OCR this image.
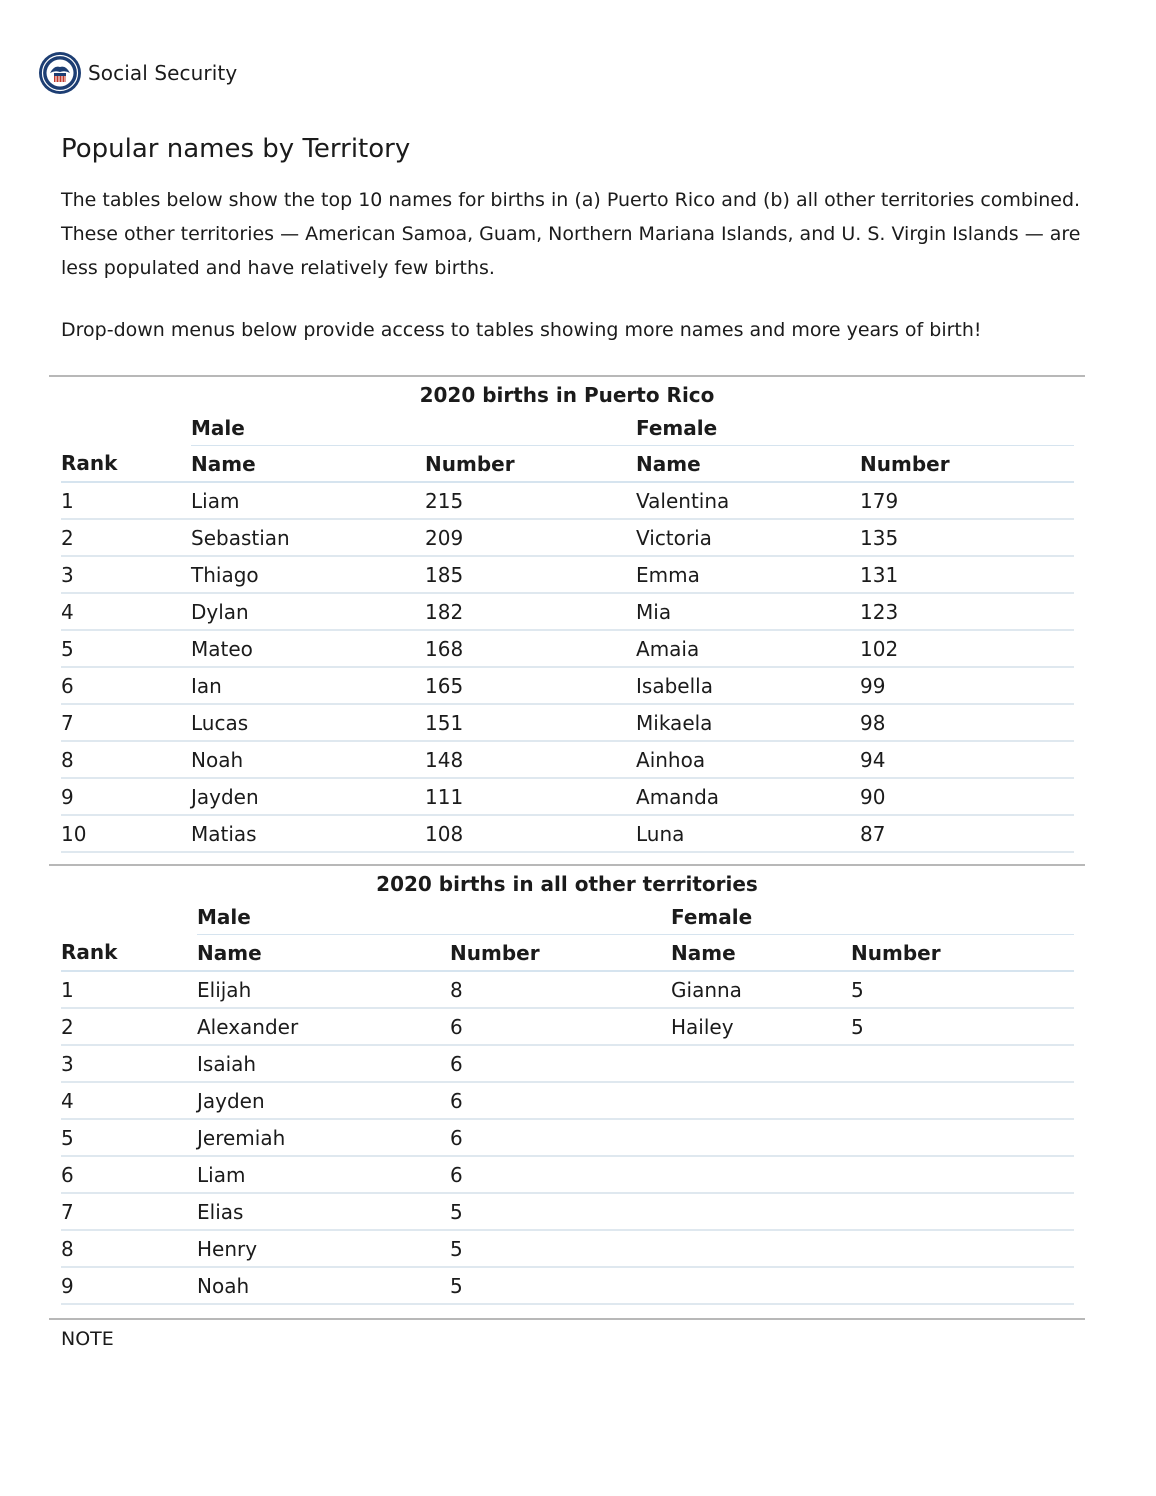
Social Security
Popular names by Territory

The tables below show the top 10 names for births in (a) Puerto Rico and (b) all other territories combined. These other territories — American Samoa, Guam, Northern Mariana Islands, and U. S. Virgin Islands — are less populated and have relatively few births.

Drop-down menus below provide access to tables showing more names and more years of birth!

2020 births in Puerto Rico
	Male		Female	
Rank	Name	Number	Name	Number
1	Liam	215	Valentina	179
2	Sebastian	209	Victoria	135
3	Thiago	185	Emma	131
4	Dylan	182	Mia	123
5	Mateo	168	Amaia	102
6	Ian	165	Isabella	99
7	Lucas	151	Mikaela	98
8	Noah	148	Ainhoa	94
9	Jayden	111	Amanda	90
10	Matias	108	Luna	87
2020 births in all other territories
	Male		Female	
Rank	Name	Number	Name	Number
1	Elijah	8	Gianna	5
2	Alexander	6	Hailey	5
3	Isaiah	6		
4	Jayden	6		
5	Jeremiah	6		
6	Liam	6		
7	Elias	5		
8	Henry	5		
9	Noah	5		
NOTE
